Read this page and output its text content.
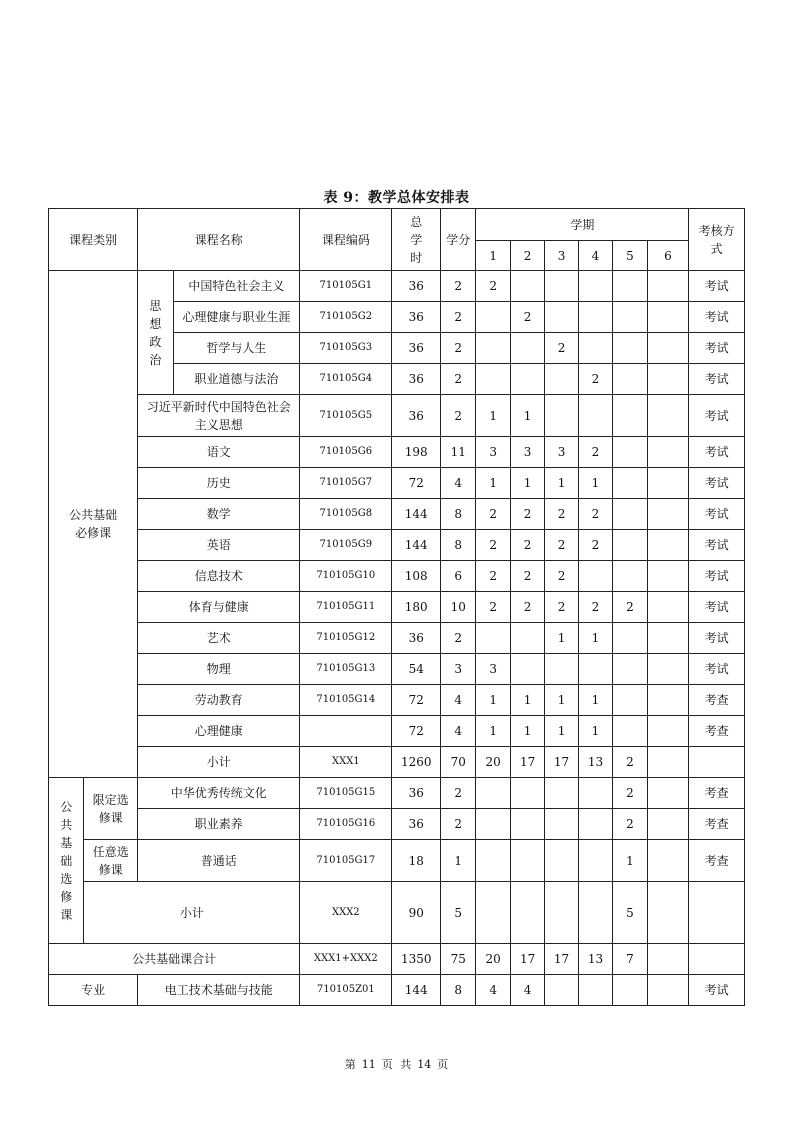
表 9：教学总体安排表
课程类别		课程名称		课程编码	总学时	学分	学期						考核方式
							1	2	3	4	5	6	
公共基础必修课		思想政治	中国特色社会主义	710105G1	36	2	2						考试
			心理健康与职业生涯	710105G2	36	2		2					考试
			哲学与人生	710105G3	36	2			2				考试
			职业道德与法治	710105G4	36	2				2			考试
		习近平新时代中国特色社会主义思想		710105G5	36	2	1	1					考试
		语文		710105G6	198	11	3	3	3	2			考试
		历史		710105G7	72	4	1	1	1	1			考试
		数学		710105G8	144	8	2	2	2	2			考试
		英语		710105G9	144	8	2	2	2	2			考试
		信息技术		710105G10	108	6	2	2	2				考试
		体育与健康		710105G11	180	10	2	2	2	2	2		考试
		艺术		710105G12	36	2			1	1			考试
		物理		710105G13	54	3	3						考试
		劳动教育		710105G14	72	4	1	1	1	1			考查
		心理健康			72	4	1	1	1	1			考查
		小计		XXX1	1260	70	20	17	17	13	2		
公共基础选修课	限定选修课	中华优秀传统文化		710105G15	36	2					2		考查
		职业素养		710105G16	36	2					2		考查
	任意选修课	普通话		710105G17	18	1					1		考查
	小计			XXX2	90	5					5		
公共基础课合计				XXX1+XXX2	1350	75	20	17	17	13	7		
专业		电工技术基础与技能		710105Z01	144	8	4	4					考试
第 11 页 共 14 页
